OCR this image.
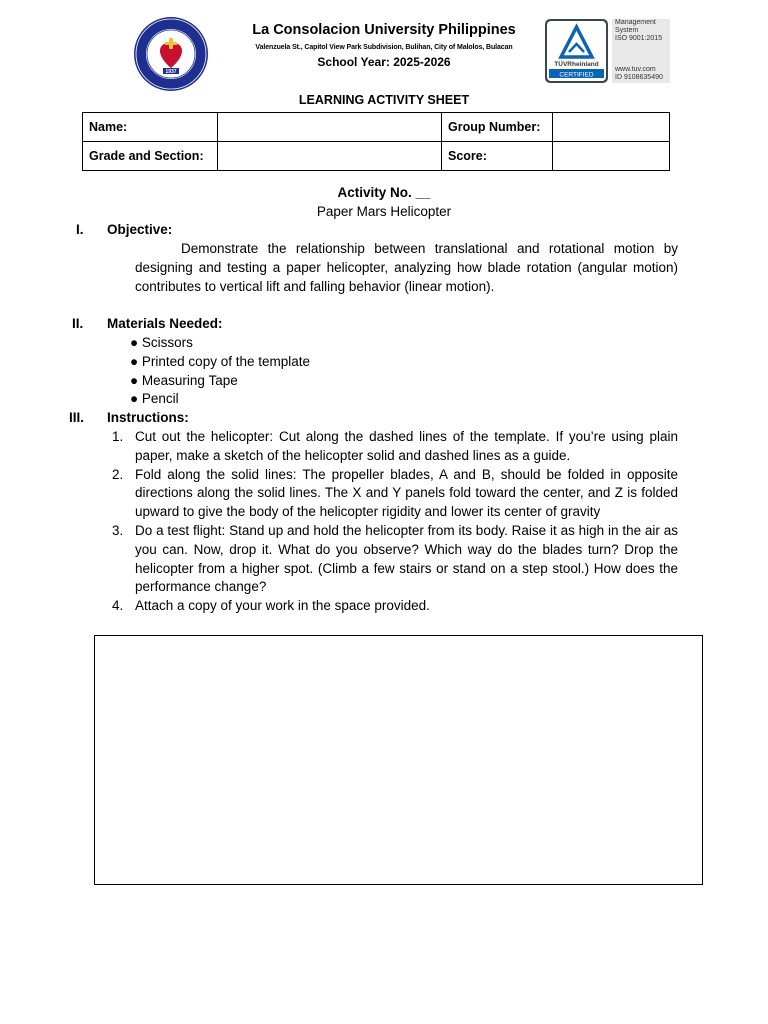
1937
La Consolacion University Philippines
Valenzuela St., Capitol View Park Subdivision, Bulihan, City of Malolos, Bulacan
School Year: 2025-2026	TÜVRheinland
CERTIFIED
Management
System
ISO 9001:2015
www.tuv.com
ID 9108635490
LEARNING ACTIVITY SHEET
Name:		Group Number:	
Grade and Section:		Score:	
Activity No. __
Paper Mars Helicopter
I. Objective:
Demonstrate the relationship between translational and rotational motion by designing and testing a paper helicopter, analyzing how blade rotation (angular motion) contributes to vertical lift and falling behavior (linear motion).
II. Materials Needed:
● Scissors
● Printed copy of the template
● Measuring Tape
● Pencil
III. Instructions:
1. Cut out the helicopter: Cut along the dashed lines of the template. If you’re using plain paper, make a sketch of the helicopter solid and dashed lines as a guide.
2. Fold along the solid lines: The propeller blades, A and B, should be folded in opposite directions along the solid lines. The X and Y panels fold toward the center, and Z is folded upward to give the body of the helicopter rigidity and lower its center of gravity
3. Do a test flight: Stand up and hold the helicopter from its body. Raise it as high in the air as you can. Now, drop it. What do you observe? Which way do the blades turn? Drop the helicopter from a higher spot. (Climb a few stairs or stand on a step stool.) How does the performance change?
4. Attach a copy of your work in the space provided.
